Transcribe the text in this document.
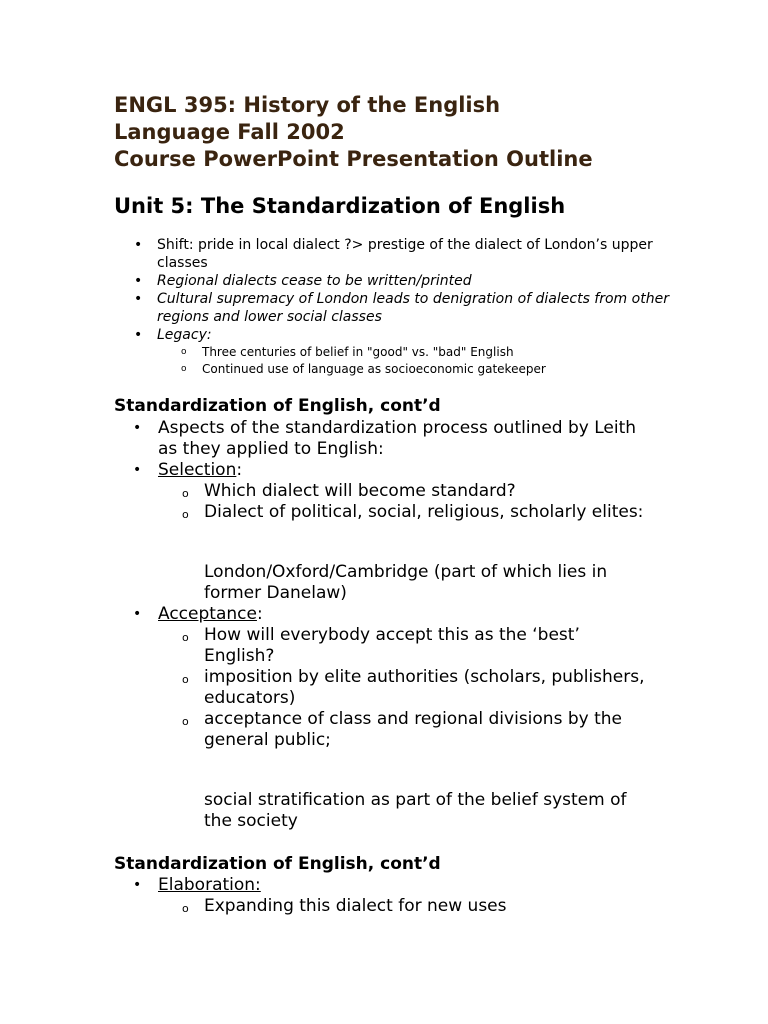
ENGL 395: History of the English
Language Fall 2002
Course PowerPoint Presentation Outline
Unit 5: The Standardization of English
• Shift: pride in local dialect ?> prestige of the dialect of London’s upper classes
• Regional dialects cease to be written/printed
• Cultural supremacy of London leads to denigration of dialects from other regions and lower social classes
• Legacy:
o Three centuries of belief in "good" vs. "bad" English
o Continued use of language as socioeconomic gatekeeper
Standardization of English, cont’d
• Aspects of the standardization process outlined by Leith as they applied to English:
• Selection:
o Which dialect will become standard?
o Dialect of political, social, religious, scholarly elites:
London/Oxford/Cambridge (part of which lies in former Danelaw)
• Acceptance:
o How will everybody accept this as the ‘best’ English?
o imposition by elite authorities (scholars, publishers, educators)
o acceptance of class and regional divisions by the general public;
social stratification as part of the belief system of the society
Standardization of English, cont’d
• Elaboration:
o Expanding this dialect for new uses
